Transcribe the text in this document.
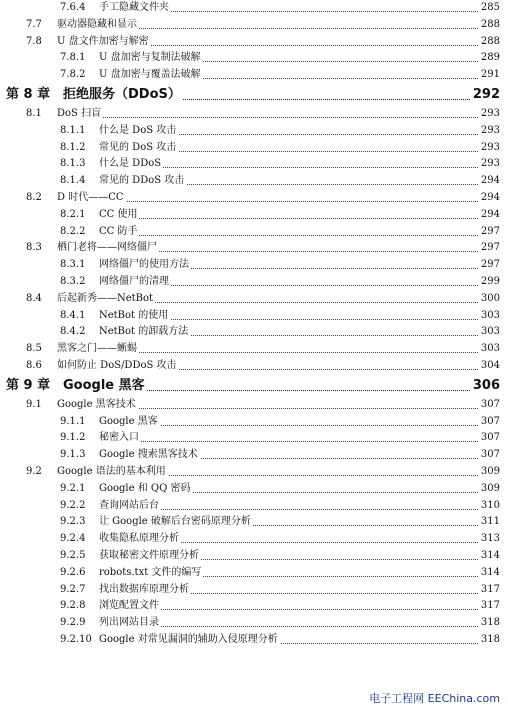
7.6.4 手工隐藏文件夹	285
7.7 驱动器隐藏和显示	288
7.8 U 盘文件加密与解密	288
7.8.1 U 盘加密与复制法破解	289
7.8.2 U 盘加密与覆盖法破解	291
第 8 章 拒绝服务（DDoS）	292
8.1 DoS 扫盲	293
8.1.1 什么是 DoS 攻击	293
8.1.2 常见的 DoS 攻击	293
8.1.3 什么是 DDoS	293
8.1.4 常见的 DDoS 攻击	294
8.2 D 时代——CC	294
8.2.1 CC 使用	294
8.2.2 CC 防手	297
8.3 栖门老将——网络僵尸	297
8.3.1 网络僵尸的使用方法	297
8.3.2 网络僵尸的清理	299
8.4 后起新秀——NetBot	300
8.4.1 NetBot 的使用	303
8.4.2 NetBot 的卸载方法	303
8.5 黑客之门——蜥蜴	303
8.6 如何防止 DoS/DDoS 攻击	304
第 9 章 Google 黑客	306
9.1 Google 黑客技术	307
9.1.1 Google 黑客	307
9.1.2 秘密入口	307
9.1.3 Google 搜索黑客技术	307
9.2 Google 语法的基本利用	309
9.2.1 Google 和 QQ 密码	309
9.2.2 查询网站后台	310
9.2.3 让 Google 破解后台密码原理分析	311
9.2.4 收集隐私原理分析	313
9.2.5 获取秘密文件原理分析	314
9.2.6 robots.txt 文件的编写	314
9.2.7 找出数据库原理分析	317
9.2.8 浏览配置文件	317
9.2.9 列出网站目录	318
9.2.10 Google 对常见漏洞的辅助入侵原理分析	318
电子工程网 EEChina.com
